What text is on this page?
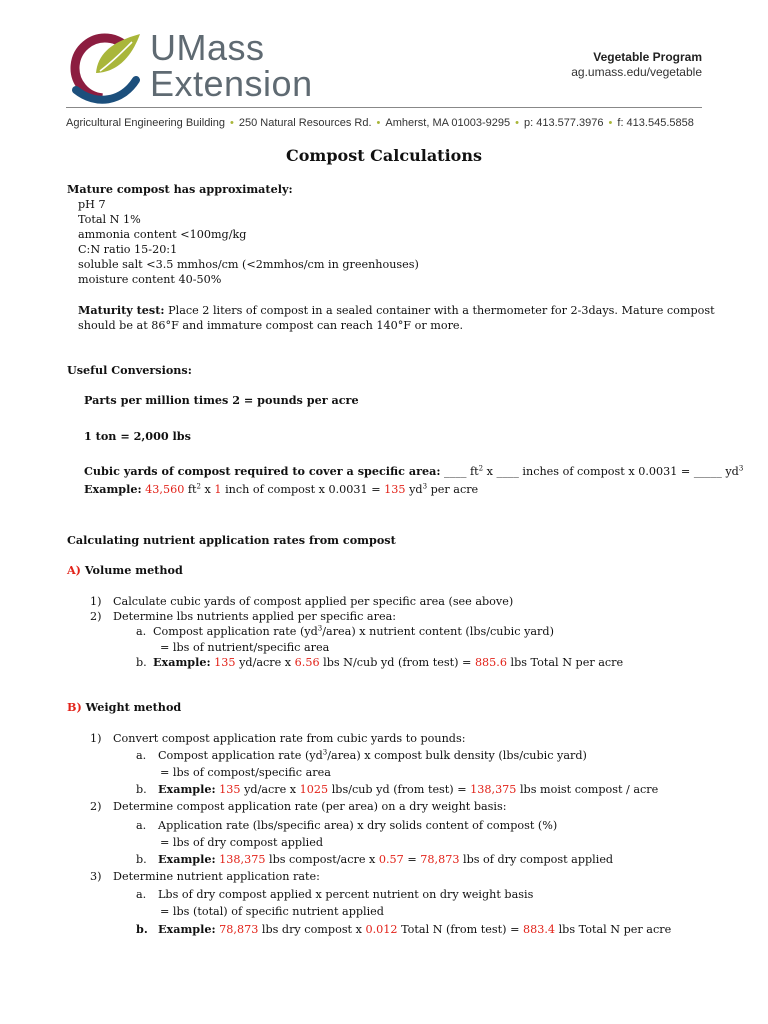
UMass
Extension
Vegetable Program
ag.umass.edu/vegetable
Agricultural Engineering Building • 250 Natural Resources Rd. • Amherst, MA 01003-9295 • p: 413.577.3976 • f: 413.545.5858
Compost Calculations
Mature compost has approximately:
pH 7
Total N 1%
ammonia content <100mg/kg
C:N ratio 15-20:1
soluble salt <3.5 mmhos/cm (<2mmhos/cm in greenhouses)
moisture content 40-50%
Maturity test: Place 2 liters of compost in a sealed container with a thermometer for 2-3days. Mature compost
should be at 86°F and immature compost can reach 140°F or more.
Useful Conversions:
Parts per million times 2 = pounds per acre
1 ton = 2,000 lbs
Cubic yards of compost required to cover a specific area: ____ $ft^2$ x ____ inches of compost x 0.0031 = _____ $yd^3$
Example: 43,560 $ft^2$ x 1 inch of compost x 0.0031 = 135 $yd^3$ per acre
Calculating nutrient application rates from compost
A) Volume method
1) Calculate cubic yards of compost applied per specific area (see above)
2) Determine lbs nutrients applied per specific area:
a. Compost application rate $(yd^3/area)$ x nutrient content (lbs/cubic yard)
= lbs of nutrient/specific area
b. Example: 135 yd/acre x 6.56 lbs N/cub yd (from test) = 885.6 lbs Total N per acre
B) Weight method
1) Convert compost application rate from cubic yards to pounds:
a. Compost application rate $(yd^3/area)$ x compost bulk density (lbs/cubic yard)
= lbs of compost/specific area
b. Example: 135 yd/acre x 1025 lbs/cub yd (from test) = 138,375 lbs moist compost / acre
2) Determine compost application rate (per area) on a dry weight basis:
a. Application rate (lbs/specific area) x dry solids content of compost (%)
= lbs of dry compost applied
b. Example: 138,375 lbs compost/acre x 0.57 = 78,873 lbs of dry compost applied
3) Determine nutrient application rate:
a. Lbs of dry compost applied x percent nutrient on dry weight basis
= lbs (total) of specific nutrient applied
b. Example: 78,873 lbs dry compost x 0.012 Total N (from test) = 883.4 lbs Total N per acre
